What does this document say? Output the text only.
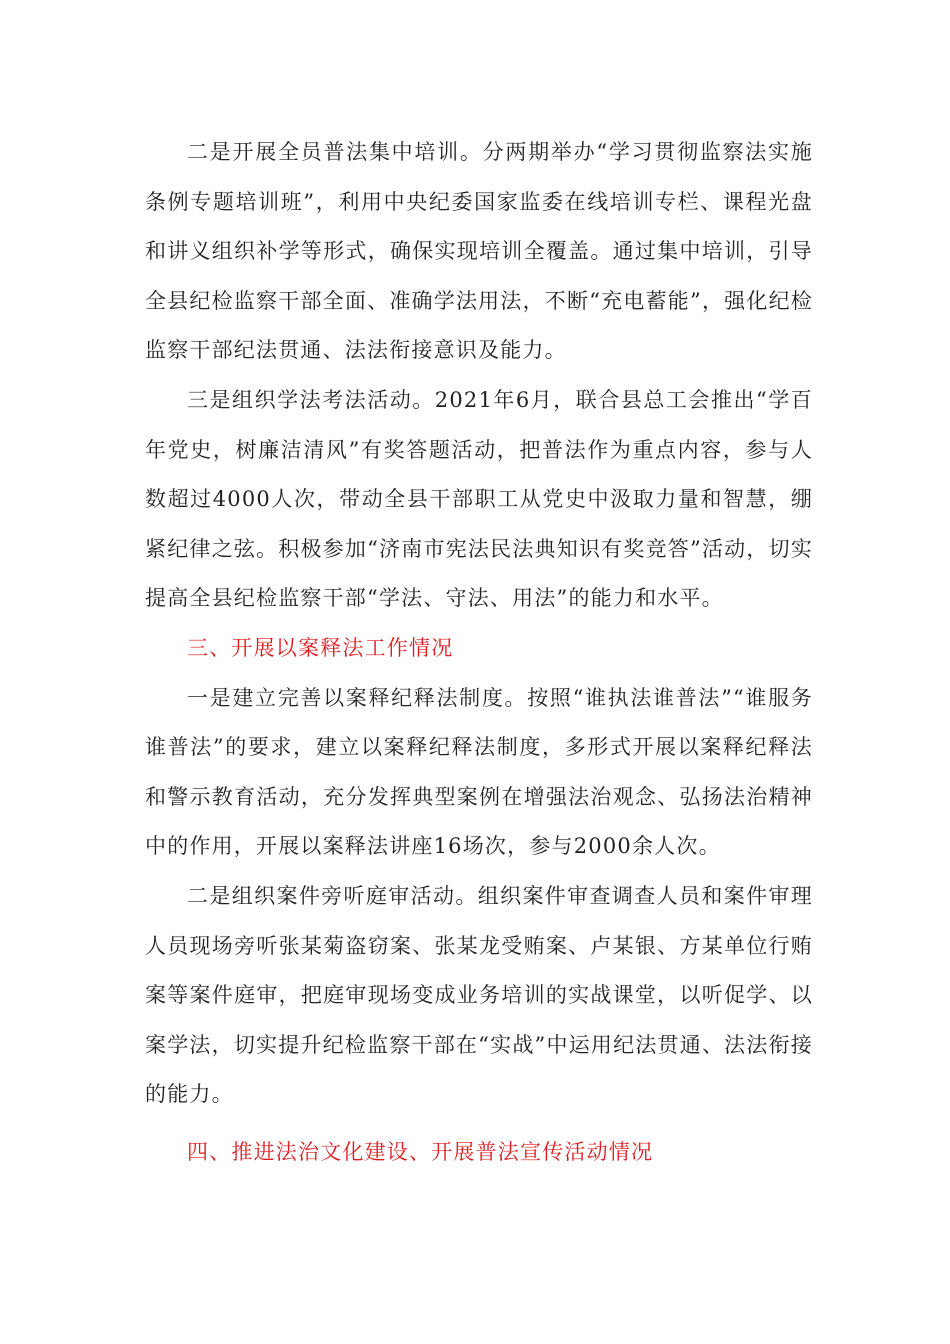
二是开展全员普法集中培训。分两期举办“学习贯彻监察法实施条例专题培训班”，利用中央纪委国家监委在线培训专栏、课程光盘和讲义组织补学等形式，确保实现培训全覆盖。通过集中培训，引导全县纪检监察干部全面、准确学法用法，不断“充电蓄能”，强化纪检监察干部纪法贯通、法法衔接意识及能力。

三是组织学法考法活动。2021年6月，联合县总工会推出“学百年党史，树廉洁清风”有奖答题活动，把普法作为重点内容，参与人数超过4000人次，带动全县干部职工从党史中汲取力量和智慧，绷紧纪律之弦。积极参加“济南市宪法民法典知识有奖竞答”活动，切实提高全县纪检监察干部“学法、守法、用法”的能力和水平。

三、开展以案释法工作情况

一是建立完善以案释纪释法制度。按照“谁执法谁普法”“谁服务谁普法”的要求，建立以案释纪释法制度，多形式开展以案释纪释法和警示教育活动，充分发挥典型案例在增强法治观念、弘扬法治精神中的作用，开展以案释法讲座16场次，参与2000余人次。

二是组织案件旁听庭审活动。组织案件审查调查人员和案件审理人员现场旁听张某菊盗窃案、张某龙受贿案、卢某银、方某单位行贿案等案件庭审，把庭审现场变成业务培训的实战课堂，以听促学、以案学法，切实提升纪检监察干部在“实战”中运用纪法贯通、法法衔接的能力。

四、推进法治文化建设、开展普法宣传活动情况
